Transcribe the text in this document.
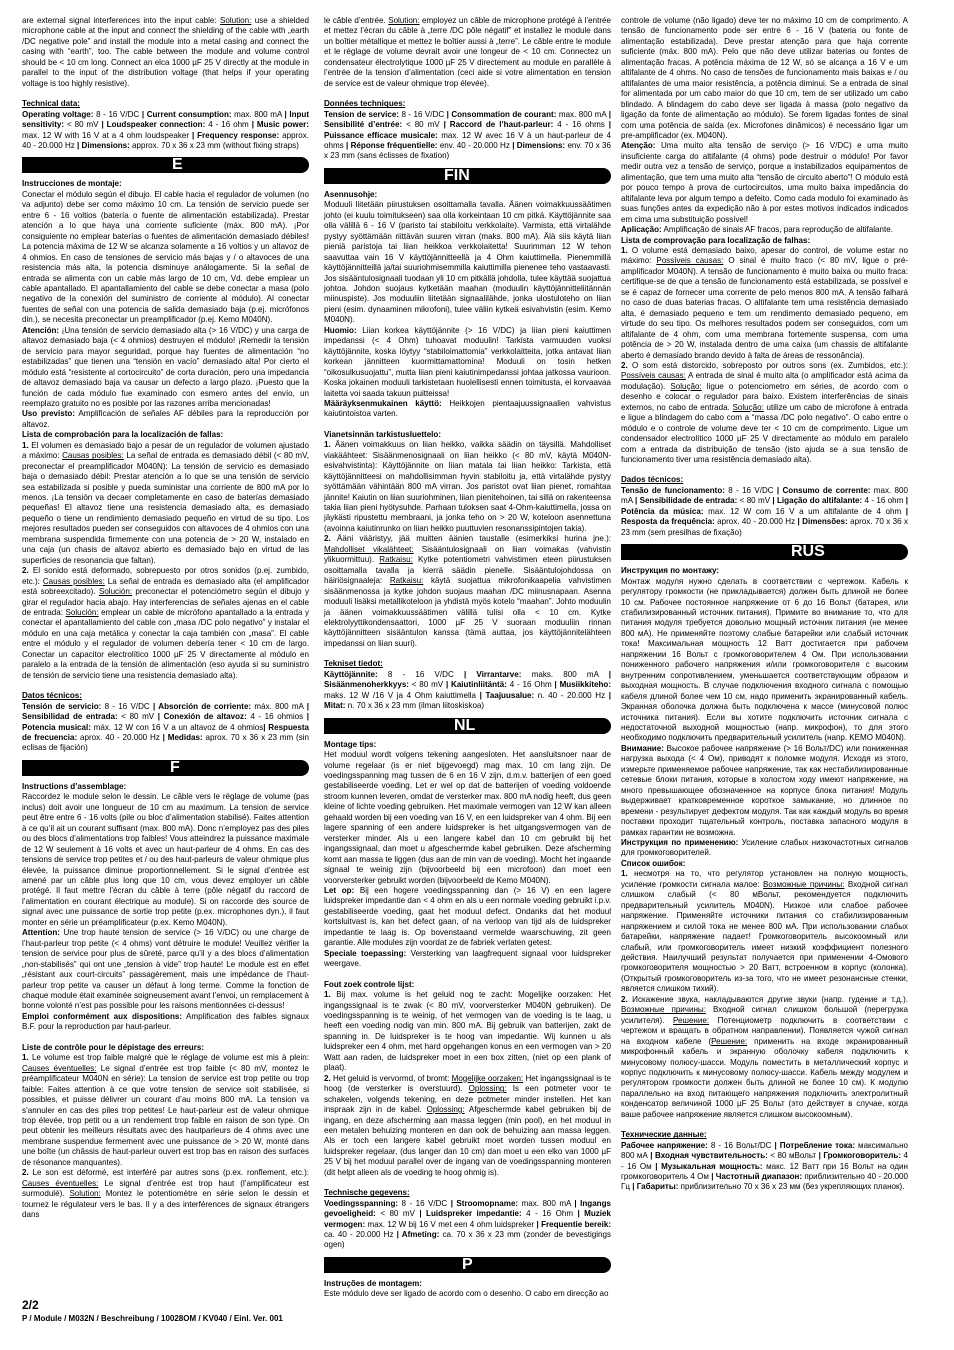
are external signal interferences into the input cable: Solution: use a shielded microphone cable at the input and connect the shielding of the cable with „earth /DC negative pole” and install the module into a metal casing and connect the casing with “earth”, too. The cable between the module and volume control should be < 10 cm long. Connect an elca 1000 µF 25 V directly at the module in parallel to the input of the distribution voltage (that helps if your operating voltage is too highly resistive).

Technical data:

Operating voltage: 8 - 16 V/DC | Current consumption: max. 800 mA | Input sensitivity: < 80 mV | Loudspeaker connection: 4 - 16 ohm | Music power: max. 12 W with 16 V at a 4 ohm loudspeaker | Frequency response: approx. 40 - 20.000 Hz | Dimensions: approx. 70 x 36 x 23 mm (without fixing straps)

E

Instrucciones de montaje:

Conectar el módulo según el dibujo. El cable hacia el regulador de volumen (no va adjunto) debe ser como máximo 10 cm. La tensión de servicio puede ser entre 6 - 16 voltios (batería o fuente de alimentación estabilizada). Prestar atención a lo que haya una corriente suficiente (máx. 800 mA). ¡Por consiguiente no emplear baterías o fuentes de alimentación demasiado débiles! La potencia máxima de 12 W se alcanza solamente a 16 voltios y un altavoz de 4 ohmios. En caso de tensiones de servicio más bajas y / o altavoces de una resistencia más alta, la potencia disminuye análogamente. Si la señal de entrada se alimenta con un cable más largo de 10 cm, Vd. debe emplear un cable apantallado. El apantallamiento del cable se debe conectar a masa (polo negativo de la conexión del suministro de corriente al módulo). Al conectar fuentes de señal con una potencia de salida demasiado baja (p.ej. micrófonos din.), se necesita preconectar un preamplificador (p.ej. Kemo M040N).

Atención: ¡Una tensión de servicio demasiado alta (> 16 V/DC) y una carga de altavoz demasiado baja (< 4 ohmios) destruyen el módulo! ¡Remedir la tensión de servicio para mayor seguridad, porque hay fuentes de alimentación “no estabilizadas” que tienen una “tensión en vacío” demasiado alta! Por cierto el módulo está “resistente al cortocircuito” de corta duración, pero una impedancia de altavoz demasiado baja va causar un defecto a largo plazo. ¡Puesto que la función de cada módulo fue examinado con esmero antes del envío, un reemplazo gratuito no es posible por las razones arriba mencionadas!

Uso previsto: Amplificación de señales AF débiles para la reproducción por altavoz.

Lista de comprobación para la localización de fallas:

1. El volumen es demasiado bajo a pesar de un regulador de volumen ajustado a máximo: Causas posibles: La señal de entrada es demasiado débil (< 80 mV, preconectar el preamplificador M040N): La tensión de servicio es demasiado baja o demasiado débil: Prestar atención a lo que se una tensión de servicio sea estabilizada si posible y pueda suministar una corriente de 800 mA por lo menos. ¡La tensión va decaer completamente en caso de baterías demasiado pequeñas! El altavoz tiene una resistencia demasiado alta, es demasiado pequeño o tiene un rendimiento demasiado pequeño en virtud de su tipo. Los mejores resultados pueden ser conseguidos con altavoces de 4 ohmios con una membrana suspendida firmemente con una potencia de > 20 W, instalado en una caja (un chasis de altavoz abierto es demasiado bajo en virtud de las superficies de resonancia que faltan).

2. El sonido está deformado, sobrepuesto por otros sonidos (p.ej. zumbido, etc.): Causas posibles: La señal de entrada es demasiado alta (el amplificador está sobreexcitado). Solución: preconectar el potenciómetro según el dibujo y girar el regulador hacia abajo. Hay interferencias de señales ajenas en el cable de entrada: Solución: emplear un cable de micrófono apantallado a la entrada y conectar el apantallamiento del cable con „masa /DC polo negativo” y instalar el módulo en una caja metálica y conectar la caja también con „masa”. El cable entre el módulo y el regulador de volumen debería tener < 10 cm de largo. Conectar un capacitor electrolítico 1000 µF 25 V directamente al módulo en paralelo a la entrada de la tensión de alimentación (eso ayuda si su suministro de tensión de servicio tiene una resistencia demasiado alta).

Datos técnicos:

Tensión de servicio: 8 - 16 V/DC | Absorción de corriente: máx. 800 mA | Sensibilidad de entrada: < 80 mV | Conexión de altavoz: 4 - 16 ohmios | Potencia musical: máx. 12 W con 16 V a un altavoz de 4 ohmios| Respuesta de frecuencia: aprox. 40 - 20.000 Hz | Medidas: aprox. 70 x 36 x 23 mm (sin eclisas de fijación)

F

Instructions d’assemblage:

Raccordez le module selon le dessin. Le câble vers le réglage de volume (pas inclus) doit avoir une longueur de 10 cm au maximum. La tension de service peut être entre 6 - 16 volts (pile ou bloc d’alimentation stabilisé). Faites attention à ce qu’il ait un courant suffisant (max. 800 mA). Donc n’employez pas des piles ou des blocs d’alimentations trop faibles! Vous atteindrez la puissance maximale de 12 W seulement à 16 volts et avec un haut-parleur de 4 ohms. En cas des tensions de service trop petites et / ou des haut-parleurs de valeur ohmique plus élevée, la puissance diminue proportionnellement. Si le signal d’entrée est amené par un câble plus long que 10 cm, vous devez employer un câble protégé. Il faut mettre l’écran du câble à terre (pôle négatif du raccord de l’alimentation en courant électrique au module). Si on raccorde des source de signal avec une puissance de sortie trop petite (p.ex. microphones dyn.), il faut monter en série un préamplificateur (p.ex. Kemo M040N).

Attention: Une trop haute tension de service (> 16 V/DC) ou une charge de l’haut-parleur trop petite (< 4 ohms) vont détruire le module! Veuillez vérifier la tension de service pour plus de sûreté, parce qu’il y a des blocs d’alimentation „non-stabilisés” qui ont une „tension à vide” trop haute! Le module est en effet „résistant aux court-circuits” passagèrement, mais une impédance de l’haut-parleur trop petite va causer un défaut à long terme. Comme la fonction de chaque module était examinée soigneusement avant l’envoi, un remplacement à bonne volonté n’est pas possible pour les raisons mentionnées ci-dessus!

Emploi conformément aux dispositions: Amplification des faibles signaux B.F. pour la reproduction par haut-parleur.

Liste de contrôle pour le dépistage des erreurs:

1. Le volume est trop faible malgré que le réglage de volume est mis à plein: Causes éventuelles: Le signal d’entrée est trop faible (< 80 mV, montez le préamplificateur M040N en série): La tension de service est trop petite ou trop faible: Faites attention à ce que votre tension de service soit stabilisée, si possibles, et puisse délivrer un courant d’au moins 800 mA. La tension va s’annuler en cas des piles trop petites! Le haut-parleur est de valeur ohmique trop élevée, trop petit ou a un rendement trop faible en raison de son type. On peut obtenir les meilleurs résultats avec des hautparleurs de 4 ohms avec une membrane suspendue fermement avec une puissance de > 20 W, monté dans une boîte (un châssis de haut-parleur ouvert est trop bas en raison des surfaces de résonance manquantes).

2. Le son est déformé, est interféré par autres sons (p.ex. ronflement, etc.): Causes éventuelles: Le signal d’entrée est trop haut (l’amplificateur est surmodulé). Solution: Montez le potentiomètre en série selon le dessin et tournez le régulateur vers le bas. Il y a des interférences de signaux étrangers dans

le câble d’entrée. Solution: employez un câble de microphone protégé à l’entrée et mettez l’écran du câble à „terre /DC pôle négatif” et installez le module dans un boîtier métallique et mettez le boîtier aussi à „terre”. Le câble entre le module et le réglage de volume devrait avoir une longeur de < 10 cm. Connectez un condensateur électrolytique 1000 µF 25 V directement au module en parallèle à l’entrée de la tension d’alimentation (ceci aide si votre alimentation en tension de service est de valeur ohmique trop élevée).

Données techniques:

Tension de service: 8 - 16 V/DC | Consommation de courant: max. 800 mA | Sensibilité d’entrée: < 80 mV | Raccord de l’haut-parleur: 4 - 16 ohms | Puissance efficace musicale: max. 12 W avec 16 V à un haut-parleur de 4 ohms | Réponse fréquentielle: env. 40 - 20.000 Hz | Dimensions: env. 70 x 36 x 23 mm (sans éclisses de fixation)

FIN

Asennusohje:

Moduuli liitetään piirustuksen osoittamalla tavalla. Äänen voimakkuussäätimen johto (ei kuulu toimitukseen) saa olla korkeintaan 10 cm pitkä. Käyttöjännite saa olla välillä 6 - 16 V (paristo tai stabiloitu verkkolaite). Varmista, että virtalähde pystyy syöttämään riittävän suuren virran (maks. 800 mA). Älä siis käytä liian pieniä paristoja tai liian heikkoa verkkolaitetta! Suurimman 12 W tehon saavuttaa vain 16 V käyttöjännitteellä ja 4 Ohm kaiuttimella. Pienemmillä käyttöjännitteillä ja/tai suuriohmisemmilla kaiuttimilla pienenee teho vastaavasti. Jos sisääntulosignaali tuodaan yli 10 cm pitkällä johdolla, tulee käyttää suojattua johtoa. Johdon suojaus kytketään maahan (moduulin käyttöjännitteliitännän miinuspiste). Jos moduuliin liitetään signaalilähde, jonka ulostuloteho on liian pieni (esim. dynaaminen mikrofoni), tulee väliin kytkeä esivahvistin (esim. Kemo M040N).

Huomio: Liian korkea käyttöjännite (> 16 V/DC) ja liian pieni kaiuttimen impedanssi (< 4 Ohm) tuhoavat moduulin! Tarkista varmuuden vuoksi käyttöjännite, koska löytyy “stabiloimattomia” verkkolaitteita, jotka antavat liian korkean jännitteen kuormittamattomina! Moduuli on tosin hetken “oikosulkusuojattu”, mutta liian pieni kaiutinimpedanssi johtaa jatkossa vaurioon. Koska jokainen moduuli tarkistetaan huolellisesti ennen toimitusta, ei korvaavaa laitetta voi saada takuun puitteissa!

Määräyksenmukainen käyttö: Heikkojen pientaajuussignaalien vahvistus kaiutintoistoa varten.

Vianetsinnän tarkistusluettelo:

1. Äänen voimakkuus on liian heikko, vaikka säädin on täysillä. Mahdolliset viakäähteet: Sisäänmenosignaali on liian heikko (< 80 mV, käytä M040N-esivahvistinta): Käyttöjännite on liian matala tai liian heikko: Tarkista, että käyttöjännitteesi on mahdollisimman hyvin stabiloitu ja, että virtalähde pystyy syöttämään vähintään 800 mA virran. Jos paristot ovat liian pienet, romahtaa jännite! Kaiutin on liian suuriohminen, liian pienitehoinen, tai sillä on rakenteensa takia liian pieni hyötysuhde. Parhaan tuloksen saat 4-Ohm-kaiuttimella, jossa on jäykästi ripustettu membraani, ja jonka teho on > 20 W, koteloon asennettuna (avoinna kaiutinrunko on liian heikko puuttuvien resonanssipintojen takia).

2. Ääni vääristyy, jää muitten äänien taustalle (esimerkiksi hurina jne.): Mahdolliset vikalähteet: Sisääntulosignaali on liian voimakas (vahvistin ylikuormittuu). Ratkaisu: Kytke potentiometri vahvistimen eteen piirustuksen osoittamalla tavalla ja kierrä säädin pienelle. Sisääntulojohdossa on häiriösignaaleja: Ratkaisu: käytä suojattua mikrofonikaapelia vahvistimen sisäänmenossa ja kytke johdon suojaus maahan /DC miinusnapaan. Asenna moduuli lisäksi metallikoteloon ja yhdistä myös kotelo “maahan”. Johto moduulin ja äänen voimakkuussäätimen välillä tulisi olla < 10 cm. Kytke elektrolyyttikondensaattori, 1000 µF 25 V suoraan moduuliin rinnan käyttöjännitteen sisääntulon kanssa (tämä auttaa, jos käyttöjännitelähteen impedanssi on liian suuri).

Tekniset tiedot:

Käyttöjännite: 8 - 16 V/DC | Virrantarve: maks. 800 mA | Sisäänmenoherkkyys: < 80 mV | Kaiutinliitäntä: 4 - 16 Ohm | Musiikkiteho: maks. 12 W /16 V ja 4 Ohm kaiuttimella | Taajuusalue: n. 40 - 20.000 Hz | Mitat: n. 70 x 36 x 23 mm (ilman liitoskiskoa)

NL

Montage tips:

Het moduul wordt volgens tekening aangesloten. Het aansluitsnoer naar de volume regelaar (is er niet bijgevoegd) mag max. 10 cm lang zijn. De voedingsspanning mag tussen de 6 en 16 V zijn, d.m.v. batterijen of een goed gestabiliseerde voeding. Let er wel op dat de batterijen of voeding voldoende stroom kunnen leveren, omdat de versterker max. 800 mA nodig heeft, dus geen kleine of lichte voeding gebruiken. Het maximale vermogen van 12 W kan alleen gehaald worden bij een voeding van 16 V, en een luidspreker van 4 ohm. Bij een lagere spanning of een andere luidspreker is het uitgangsvermogen van de versterker minder. Als u een langere kabel dan 10 cm gebruikt bij het ingangssignaal, dan moet u afgeschermde kabel gebruiken. Deze afscherming komt aan massa te liggen (dus aan de min van de voeding). Mocht het ingaande signaal te weinig zijn (bijvoorbeeld bij een microfoon) dan moet een voorversterker gebruikt worden (bijvoorbeeld de Kemo M040N).

Let op: Bij een hogere voedingsspanning dan (> 16 V) en een lagere luidspreker impedantie dan < 4 ohm en als u een normale voeding gebruikt i.p.v. gestabiliseerde voeding, gaat het moduul defect. Ondanks dat het moduul kortsluitvast is, kan het defect gaan, of na verloop van tijd als de luidspreker impedantie te laag is. Op bovenstaand vermelde waarschuwing, zit geen garantie. Alle modules zijn voordat ze de fabriek verlaten getest.

Speciale toepassing: Versterking van laagfrequent signaal voor luidspreker weergave.

Fout zoek controle lijst:

1. Bij max. volume is het geluid nog te zacht: Mogelijke oorzaken: Het ingangssignaal is te zwak (< 80 mV, voorversterker M040N gebruiken). De voedingsspanning is te weinig, of het vermogen van de voeding is te laag, u heeft een voeding nodig van min. 800 mA. Bij gebruik van batterijen, zakt de spanning in. De luidspreker is te hoog van impedantie. Wij kunnen u als luidspreker een 4 ohm, met hard opgehangen konus en een vermogen van > 20 Watt aan raden, de luidspreker moet in een box zitten, (niet op een plank of plaat).

2. Het geluid is vervormd, of bromt: Mogelijke oorzaken: Het ingangssignaal is te hoog (de versterker is overstuurd). Oplossing: Is een potmeter voor te schakelen, volgends tekening, en deze potmeter minder instellen. Het kan inspraak zijn in de kabel. Oplossing: Afgeschermde kabel gebruiken bij de ingang, en deze afscherming aan massa leggen (min pool), en het moduul in een metalen behuizing monteren en dan ook de behuizing aan massa leggen. Als er toch een langere kabel gebruikt moet worden tussen moduul en luidspreker regelaar, (dus langer dan 10 cm) dan moet u een elko van 1000 µF 25 V bij het moduul parallel over de ingang van de voedingsspanning monteren (dit helpt alleen als de voeding te hoog ohmig is).

Technische gegevens:

Voedingsspanning: 8 - 16 V/DC | Stroomopname: max. 800 mA | Ingangs gevoeligheid: < 80 mV | Luidspreker impedantie: 4 - 16 Ohm | Muziek vermogen: max. 12 W bij 16 V met een 4 ohm luidspreker | Frequentie bereik: ca. 40 - 20.000 Hz | Afmeting: ca. 70 x 36 x 23 mm (zonder de bevestigings ogen)

P

Instruções de montagem:

Este módulo deve ser ligado de acordo com o desenho. O cabo em direcção ao

controle de volume (não ligado) deve ter no máximo 10 cm de comprimento. A tensão de funcionamento pode ser entre 6 - 16 V (bateria ou fonte de alimentação estabilizada). Deve prestar atenção para que haja corrente suficiente (máx. 800 mA). Pelo que não deve utilizar baterias ou fontes de alimentação fracas. A potência máxima de 12 W, só se alcança a 16 V e um altifalante de 4 ohms. No caso de tensões de funcionamento mais baixas e / ou altifalantes de uma maior resistência, a potência diminui. Se a entrada de sinal for alimentada por um cabo maior do que 10 cm, tem de ser utilizado um cabo blindado. A blindagem do cabo deve ser ligada à massa (polo negativo da ligação da fonte de alimentação ao módulo). Se forem ligadas fontes de sinal com uma potência de saída (ex. Microfones dinâmicos) é necessário ligar um pre-amplificador (ex. M040N).

Atenção: Uma muito alta tensão de serviço (> 16 V/DC) e uma muito insuficiente carga do altifalante (4 ohms) pode destruir o módulo! Por favor medir outra vez a tensão de serviço, porque a instabilizados equipamentos de alimentação, que tem uma muito alta “tensão de circuito aberto”! O módulo está por pouco tempo à prova de curtocircuitos, uma muito baixa impedância do altifalante leva por algum tempo a defeito. Como cada modulo foi examinado às suas funções antes da expedição não à por estes motivos indicados indicados em cima uma substituição possível!

Aplicação: Amplificação de sinais AF fracos, para reprodução de altifalante.

Lista de comprovação para localização de falhas:

1. O volume está demasiado baixo, apesar do control, de volume estar no máximo: Possíveis causas: O sinal é muito fraco (< 80 mV, ligue o pré-amplificador M040N). A tensão de funcionamento é muito baixa ou muito fraca: certifique-se de que a tensão de funcionamento está estabilizada, se possível e se é capaz de fornecer uma corrente de pelo menos 800 mA. A tensão falhará no caso de duas baterias fracas. O altifalante tem uma resistência demasiado alta, é demasiado pequeno e tem um rendimento demasiado pequeno, em virtude do seu tipo. Os melhores resultados podem ser conseguidos, com um altifalante de 4 ohm, com uma membrana fortemente suspensa, com uma potência de > 20 W, instalada dentro de uma caixa (um chassis de altifalante aberto é demasiado brando devido à falta de áreas de ressonância).

2. O som está distorcido, sobreposto por outros sons (ex. Zumbidos, etc.): Possíveis causas: A entrada de sinal é muito alta (o amplificador está acima da modulação). Solução: ligue o potenciometro em séries, de acordo com o desenho e colocar o regulador para baixo. Existem interferências de sinais externos, no cabo de entrada. Solução: utilize um cabo de microfone à entrada e ligue a blindagem do cabo com a “massa /DC polo negativo”. O cabo entre o módulo e o controle de volume deve ter < 10 cm de comprimento. Ligue um condensador electrolítico 1000 µF 25 V directamente ao módulo em paralelo com a entrada da distribuição de tensão (isto ajuda se a sua tensão de funcionamento tiver uma resistência demasiado alta).

Dados técnicos:

Tensão de funcionamento: 8 - 16 V/DC | Consumo de corrente: max. 800 mA | Sensibilidade de entrada: < 80 mV | Ligação do altifalante: 4 - 16 ohm | Potência da música: max. 12 W com 16 V a um altifalante de 4 ohm | Resposta da frequência: aprox. 40 - 20.000 Hz | Dimensões: aprox. 70 x 36 x 23 mm (sem presilhas de fixação)

RUS

Инструкция по монтажу:

Монтаж модуля нужно сделать в соответствии с чертежом. Кабель к регулятору громкости (не прикладывается) должен быть длиной не более 10 см. Рабочее постоянное напряжение от 6 до 16 Вольт (батарея, или стабилизированный источник питания). Примите во внимание то, что для питания модуля требуется довольно мощный источник питания (не менее 800 мА). Не применяйте поэтому слабые батарейки или слабый источник тока! Максимальная мощность 12 Ватт достигается при рабочем напряжении 16 Вольт с громкоговорителем 4 Ом. При использовании пониженного рабочего напряжения и/или громкоговорителя с высоким внутренним сопротивлением, уменьшается соответствующим образом и выходная мощность. В случае подключения входного сигнала с помощью кабеля длиной более чем 10 см, надо применить экранированный кабель. Экранная оболочка должна быть подключена к массе (минусовой полюс источника питания). Если вы хотите подключить источник сигнала с недостаточной выходной мощностью (напр. микрофон), то для этого необходимо подключить предварительный усилитель (напр. KEMO M040N).

Внимание: Высокое рабочее напряжение (> 16 Вольт/DC) или пониженная нагрузка выхода (< 4 Ом), приводят к поломке модуля. Исходя из этого, измерьте применяемое рабочее напряжение, так как нестабилизированные сетевые блоки питания, которые в холостом ходу имеют напряжение, на много превышающее обозначенное на корпусе блока питания! Модуль выдерживает кратковременное короткое замыкание, но длинное по времени - результирует дефектом модуля. Так как каждый модуль во время поставки проходит тщательный контроль, поставка запасного модуля в рамках гарантии не возможна.

Инструкция по применению: Усиление слабых низкочастотных сигналов для громкоговорителей.

Список ошибок:

1. несмотря на то, что регулятор установлен на полную мощность, усиление громкости сигнала малое: Возможные причины: Входной сигнал слишком слабый (< 80 мВольт, рекомендуется подключить предварительный усилитель M040N). Низкое или слабое рабочее напряжение. Применяйте источники питания со стабилизированным напряжением и силой тока не менее 800 мА. При использовании слабых батарейки, напряжение падает! Громкоговоритель высокоомный или слабый, или громкоговоритель имеет низкий коэффициент полезного действия. Наилучший результат получается при применении 4-Омового громкоговорителя мощностью > 20 Ватт, встроенном в корпус (колонка). (Открытый громкоговоритель из-за того, что не имеет резонансные стенки, является слишком тихий).

2. Искажение звука, накладываются другие звуки (напр. гудение и т.д.). Возможные причины: Входной сигнал слишком большой (перегрузка усилителя). Решение: Потенциометр подключить в соответствии с чертежом и вращать в обратном направлении). Появляется чужой сигнал на входном кабеле (Решение: применить на входе экранированный микрофонный кабель и экранную оболочку кабеля подключить к минусовому полюсу-шасси. Модуль поместить в металлический корпус и корпус подключить к минусовому полюсу-шасси. Кабель между модулем и регулятором громкости должен быть длиной не более 10 см). К модулю параллельно на вход питающего напряжения подключить электролитный конденсатор величиной 1000 µF 25 Вольт (это действует в случае, когда ваше рабочее напряжение является слишком высокоомным).

Технические данные:

Рабочее напряжение: 8 - 16 Вольт/DC | Потребление тока: максимально 800 мА | Входная чувствительность: < 80 мВольт | Громкоговоритель: 4 - 16 Ом | Музыкальная мощность: макс. 12 Ватт при 16 Вольт на один громкоговоритель 4 Ом | Частотный диапазон: приблизительно 40 - 20.000 Гц | Габариты: приблизительно 70 x 36 x 23 мм (без укрепляющих планок).

2/2
P / Module / M032N / Beschreibung / 10028OM / KV040 / Einl. Ver. 001
